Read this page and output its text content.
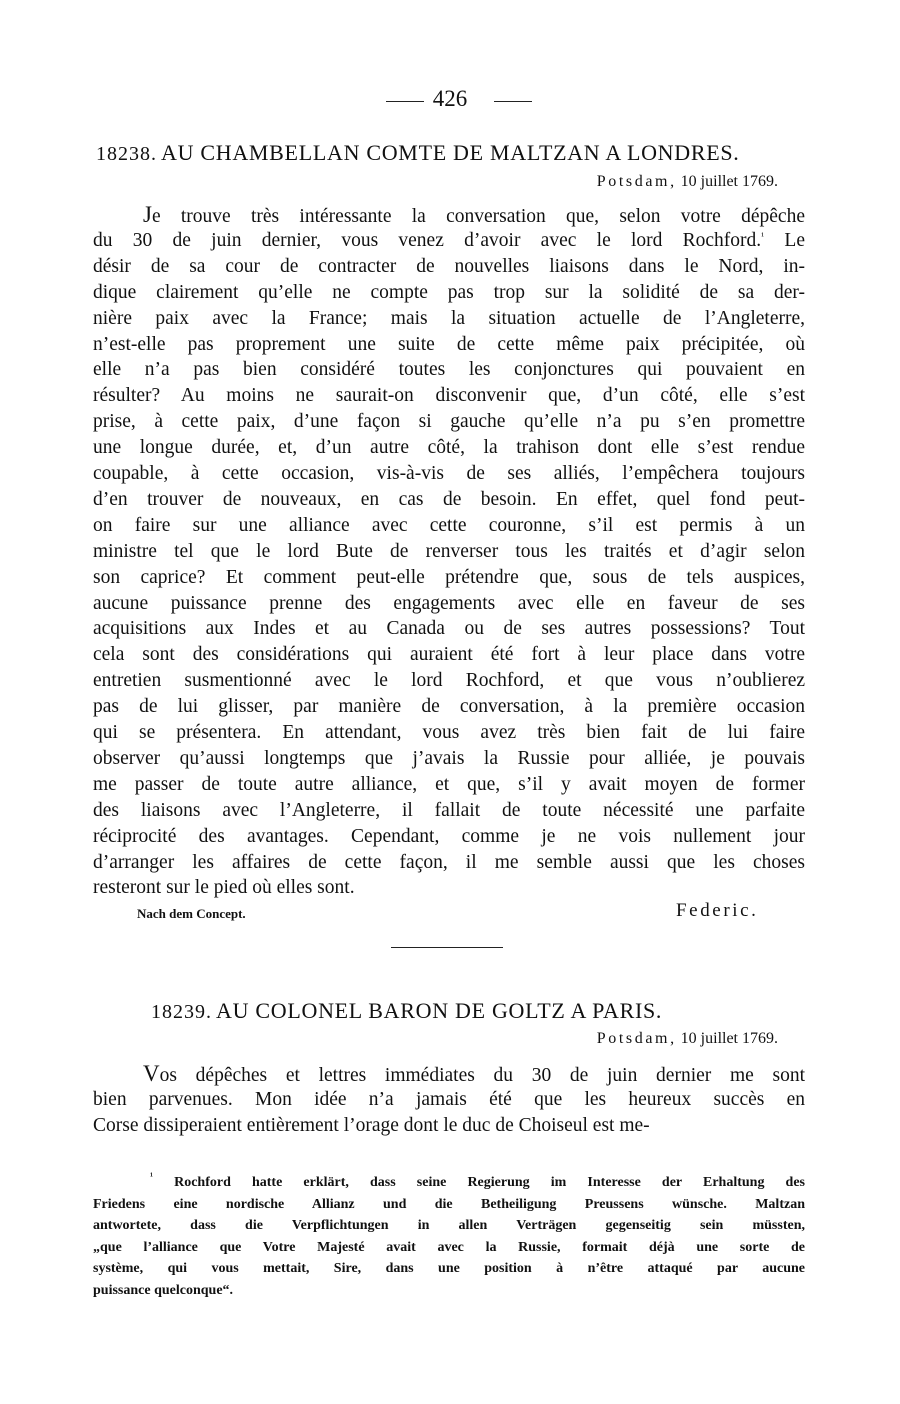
426
18238. AU CHAMBELLAN COMTE DE MALTZAN A LONDRES.
Potsdam, 10 juillet 1769.
Je trouve très intéressante la conversation que, selon votre dépêche
du 30 de juin dernier, vous venez d’avoir avec le lord Rochford.$^{^1}$ Le
désir de sa cour de contracter de nouvelles liaisons dans le Nord, in-
dique clairement qu’elle ne compte pas trop sur la solidité de sa der-
nière paix avec la France; mais la situation actuelle de l’Angleterre,
n’est-elle pas proprement une suite de cette même paix précipitée, où
elle n’a pas bien considéré toutes les conjonctures qui pouvaient en
résulter? Au moins ne saurait-on disconvenir que, d’un côté, elle s’est
prise, à cette paix, d’une façon si gauche qu’elle n’a pu s’en promettre
une longue durée, et, d’un autre côté, la trahison dont elle s’est rendue
coupable, à cette occasion, vis-à-vis de ses alliés, l’empêchera toujours
d’en trouver de nouveaux, en cas de besoin. En effet, quel fond peut-
on faire sur une alliance avec cette couronne, s’il est permis à un
ministre tel que le lord Bute de renverser tous les traités et d’agir selon
son caprice? Et comment peut-elle prétendre que, sous de tels auspices,
aucune puissance prenne des engagements avec elle en faveur de ses
acquisitions aux Indes et au Canada ou de ses autres possessions? Tout
cela sont des considérations qui auraient été fort à leur place dans votre
entretien susmentionné avec le lord Rochford, et que vous n’oublierez
pas de lui glisser, par manière de conversation, à la première occasion
qui se présentera. En attendant, vous avez très bien fait de lui faire
observer qu’aussi longtemps que j’avais la Russie pour alliée, je pouvais
me passer de toute autre alliance, et que, s’il y avait moyen de former
des liaisons avec l’Angleterre, il fallait de toute nécessité une parfaite
réciprocité des avantages. Cependant, comme je ne vois nullement jour
d’arranger les affaires de cette façon, il me semble aussi que les choses
resteront sur le pied où elles sont.
Nach dem Concept.	Federic.
18239. AU COLONEL BARON DE GOLTZ A PARIS.
Potsdam, 10 juillet 1769.
Vos dépêches et lettres immédiates du 30 de juin dernier me sont
bien parvenues. Mon idée n’a jamais été que les heureux succès en
Corse dissiperaient entièrement l’orage dont le duc de Choiseul est me-
$^{^1}$ Rochford hatte erklärt, dass seine Regierung im Interesse der Erhaltung des
Friedens eine nordische Allianz und die Betheiligung Preussens wünsche. Maltzan
antwortete, dass die Verpflichtungen in allen Verträgen gegenseitig sein müssten,
„que l’alliance que Votre Majesté avait avec la Russie, formait déjà une sorte de
système, qui vous mettait, Sire, dans une position à n’être attaqué par aucune
puissance quelconque“.
